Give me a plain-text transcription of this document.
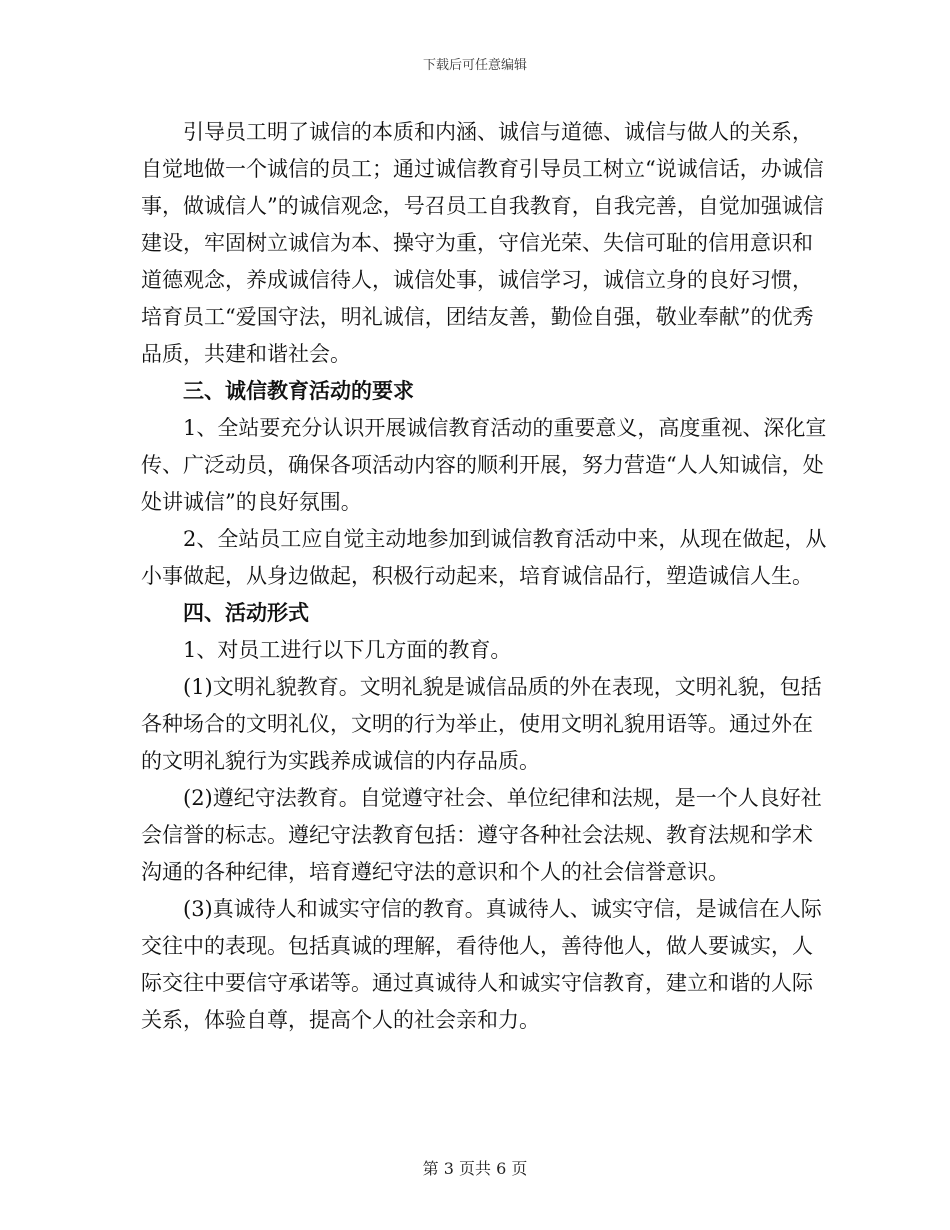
下载后可任意编辑

引导员工明了诚信的本质和内涵、诚信与道德、诚信与做人的关系，自觉地做一个诚信的员工；通过诚信教育引导员工树立“说诚信话，办诚信事，做诚信人”的诚信观念，号召员工自我教育，自我完善，自觉加强诚信建设，牢固树立诚信为本、操守为重，守信光荣、失信可耻的信用意识和道德观念，养成诚信待人，诚信处事，诚信学习，诚信立身的良好习惯，培育员工“爱国守法，明礼诚信，团结友善，勤俭自强，敬业奉献”的优秀品质，共建和谐社会。

三、诚信教育活动的要求

1、全站要充分认识开展诚信教育活动的重要意义，高度重视、深化宣传、广泛动员，确保各项活动内容的顺利开展，努力营造“人人知诚信，处处讲诚信”的良好氛围。

2、全站员工应自觉主动地参加到诚信教育活动中来，从现在做起，从小事做起，从身边做起，积极行动起来，培育诚信品行，塑造诚信人生。

四、活动形式

1、对员工进行以下几方面的教育。

(1)文明礼貌教育。文明礼貌是诚信品质的外在表现，文明礼貌，包括各种场合的文明礼仪，文明的行为举止，使用文明礼貌用语等。通过外在的文明礼貌行为实践养成诚信的内存品质。

(2)遵纪守法教育。自觉遵守社会、单位纪律和法规，是一个人良好社会信誉的标志。遵纪守法教育包括：遵守各种社会法规、教育法规和学术沟通的各种纪律，培育遵纪守法的意识和个人的社会信誉意识。

(3)真诚待人和诚实守信的教育。真诚待人、诚实守信，是诚信在人际交往中的表现。包括真诚的理解，看待他人，善待他人，做人要诚实，人际交往中要信守承诺等。通过真诚待人和诚实守信教育，建立和谐的人际关系，体验自尊，提高个人的社会亲和力。

第 3 页共 6 页
